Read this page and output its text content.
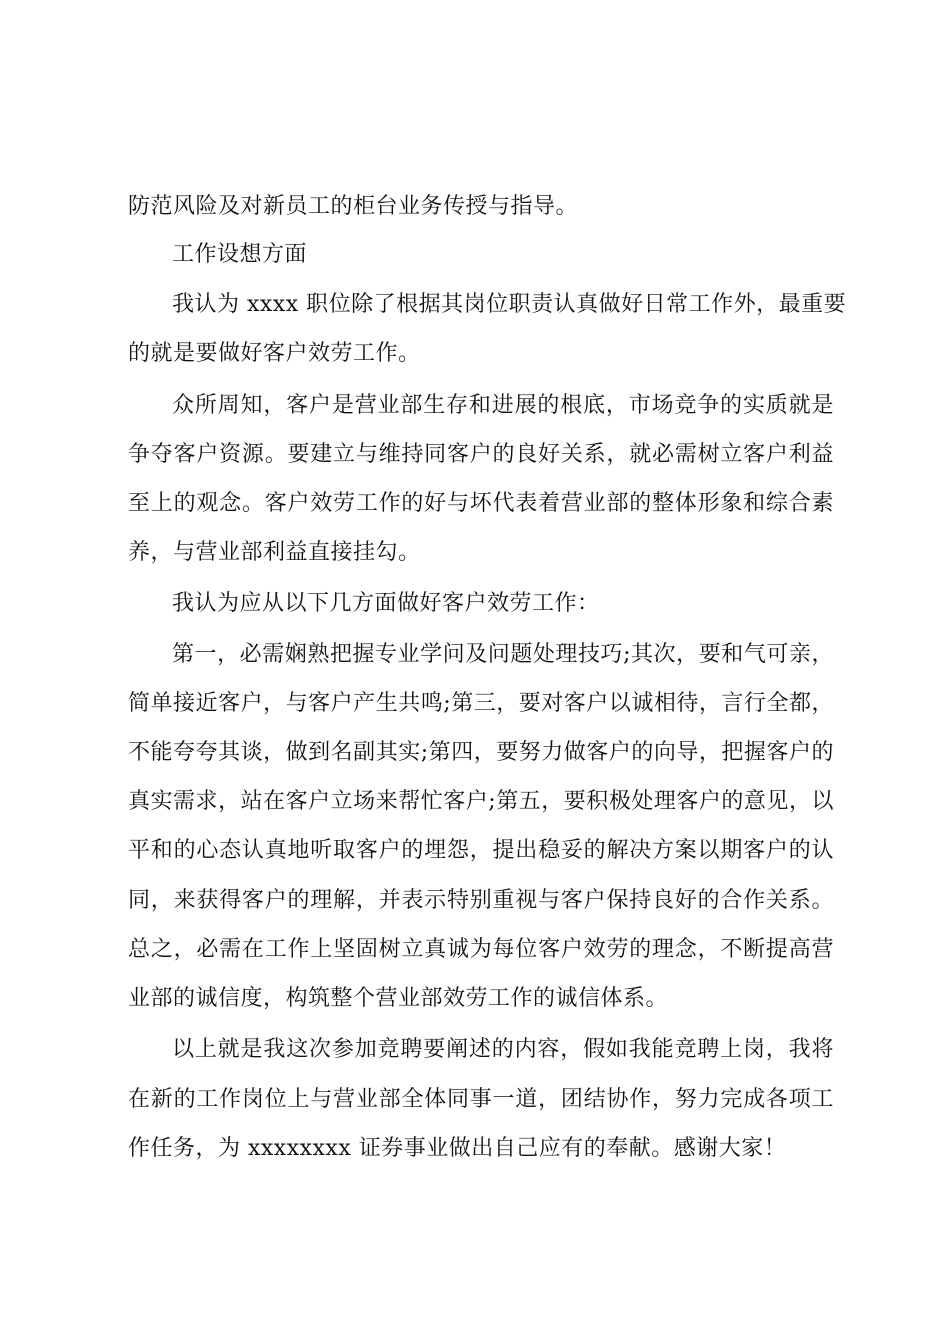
防范风险及对新员工的柜台业务传授与指导。
工作设想方面
我认为 xxxx 职位除了根据其岗位职责认真做好日常工作外，最重要
的就是要做好客户效劳工作。
众所周知，客户是营业部生存和进展的根底，市场竞争的实质就是
争夺客户资源。要建立与维持同客户的良好关系，就必需树立客户利益
至上的观念。客户效劳工作的好与坏代表着营业部的整体形象和综合素
养，与营业部利益直接挂勾。
我认为应从以下几方面做好客户效劳工作：
第一，必需娴熟把握专业学问及问题处理技巧;其次，要和气可亲，
简单接近客户，与客户产生共鸣;第三，要对客户以诚相待，言行全都，
不能夸夸其谈，做到名副其实;第四，要努力做客户的向导，把握客户的
真实需求，站在客户立场来帮忙客户;第五，要积极处理客户的意见，以
平和的心态认真地听取客户的埋怨，提出稳妥的解决方案以期客户的认
同，来获得客户的理解，并表示特别重视与客户保持良好的合作关系。
总之，必需在工作上坚固树立真诚为每位客户效劳的理念，不断提高营
业部的诚信度，构筑整个营业部效劳工作的诚信体系。
以上就是我这次参加竞聘要阐述的内容，假如我能竞聘上岗，我将
在新的工作岗位上与营业部全体同事一道，团结协作，努力完成各项工
作任务，为 xxxxxxxx 证券事业做出自己应有的奉献。感谢大家！
